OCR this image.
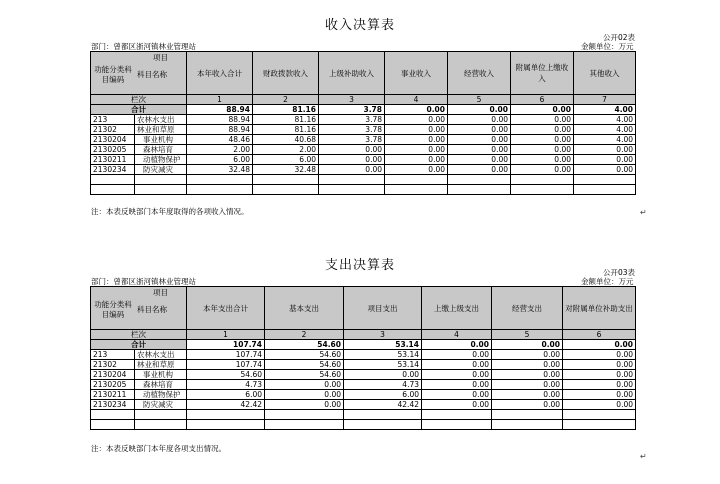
收入决算表
公开02表
部门：曾都区浙河镇林业管理站	金额单位：万元
项目
功能分类科目编码
科目名称		本年收入合计	财政拨款收入	上级补助收入	事业收入	经营收入	附属单位上缴收入	其他收入
栏次		1	2	3	4	5	6	7
合计		88.94	81.16	3.78	0.00	0.00	0.00	4.00
213	农林水支出	88.94	81.16	3.78	0.00	0.00	0.00	4.00
21302	林业和草原	88.94	81.16	3.78	0.00	0.00	0.00	4.00
2130204	事业机构	48.46	40.68	3.78	0.00	0.00	0.00	4.00
2130205	森林培育	2.00	2.00	0.00	0.00	0.00	0.00	0.00
2130211	动植物保护	6.00	6.00	0.00	0.00	0.00	0.00	0.00
2130234	防灾减灾	32.48	32.48	0.00	0.00	0.00	0.00	0.00

注：本表反映部门本年度取得的各项收入情况。	↵
支出决算表	公开03表
部门：曾都区浙河镇林业管理站	金额单位：万元
项目
功能分类科目编码
科目名称		本年支出合计	基本支出	项目支出	上缴上级支出	经营支出	对附属单位补助支出
栏次		1	2	3	4	5	6
合计		107.74	54.60	53.14	0.00	0.00	0.00
213	农林水支出	107.74	54.60	53.14	0.00	0.00	0.00
21302	林业和草原	107.74	54.60	53.14	0.00	0.00	0.00
2130204	事业机构	54.60	54.60	0.00	0.00	0.00	0.00
2130205	森林培育	4.73	0.00	4.73	0.00	0.00	0.00
2130211	动植物保护	6.00	0.00	6.00	0.00	0.00	0.00
2130234	防灾减灾	42.42	0.00	42.42	0.00	0.00	0.00

注：本表反映部门本年度各项支出情况。
↵
